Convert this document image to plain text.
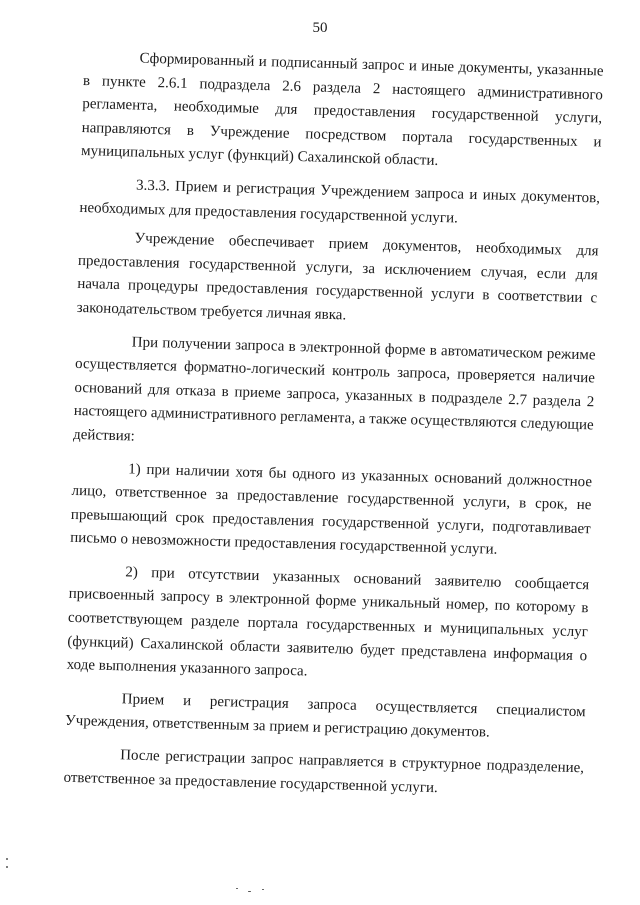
50

Сформированный и подписанный запрос и иные документы, указанные в пункте 2.6.1 подраздела 2.6 раздела 2 настоящего административного регламента, необходимые для предоставления государственной услуги, направляются в Учреждение посредством портала государственных и муниципальных услуг (функций) Сахалинской области.

3.3.3. Прием и регистрация Учреждением запроса и иных документов, необходимых для предоставления государственной услуги.

Учреждение обеспечивает прием документов, необходимых для предоставления государственной услуги, за исключением случая, если для начала процедуры предоставления государственной услуги в соответствии с законодательством требуется личная явка.

При получении запроса в электронной форме в автоматическом режиме осуществляется форматно-логический контроль запроса, проверяется наличие оснований для отказа в приеме запроса, указанных в подразделе 2.7 раздела 2 настоящего административного регламента, а также осуществляются следующие действия:

1) при наличии хотя бы одного из указанных оснований должностное лицо, ответственное за предоставление государственной услуги, в срок, не превышающий срок предоставления государственной услуги, подготавливает письмо о невозможности предоставления государственной услуги.

2) при отсутствии указанных оснований заявителю сообщается присвоенный запросу в электронной форме уникальный номер, по которому в соответствующем разделе портала государственных и муниципальных услуг (функций) Сахалинской области заявителю будет представлена информация о ходе выполнения указанного запроса.

Прием и регистрация запроса осуществляется специалистом Учреждения, ответственным за прием и регистрацию документов.

После регистрации запрос направляется в структурное подразделение, ответственное за предоставление государственной услуги.
